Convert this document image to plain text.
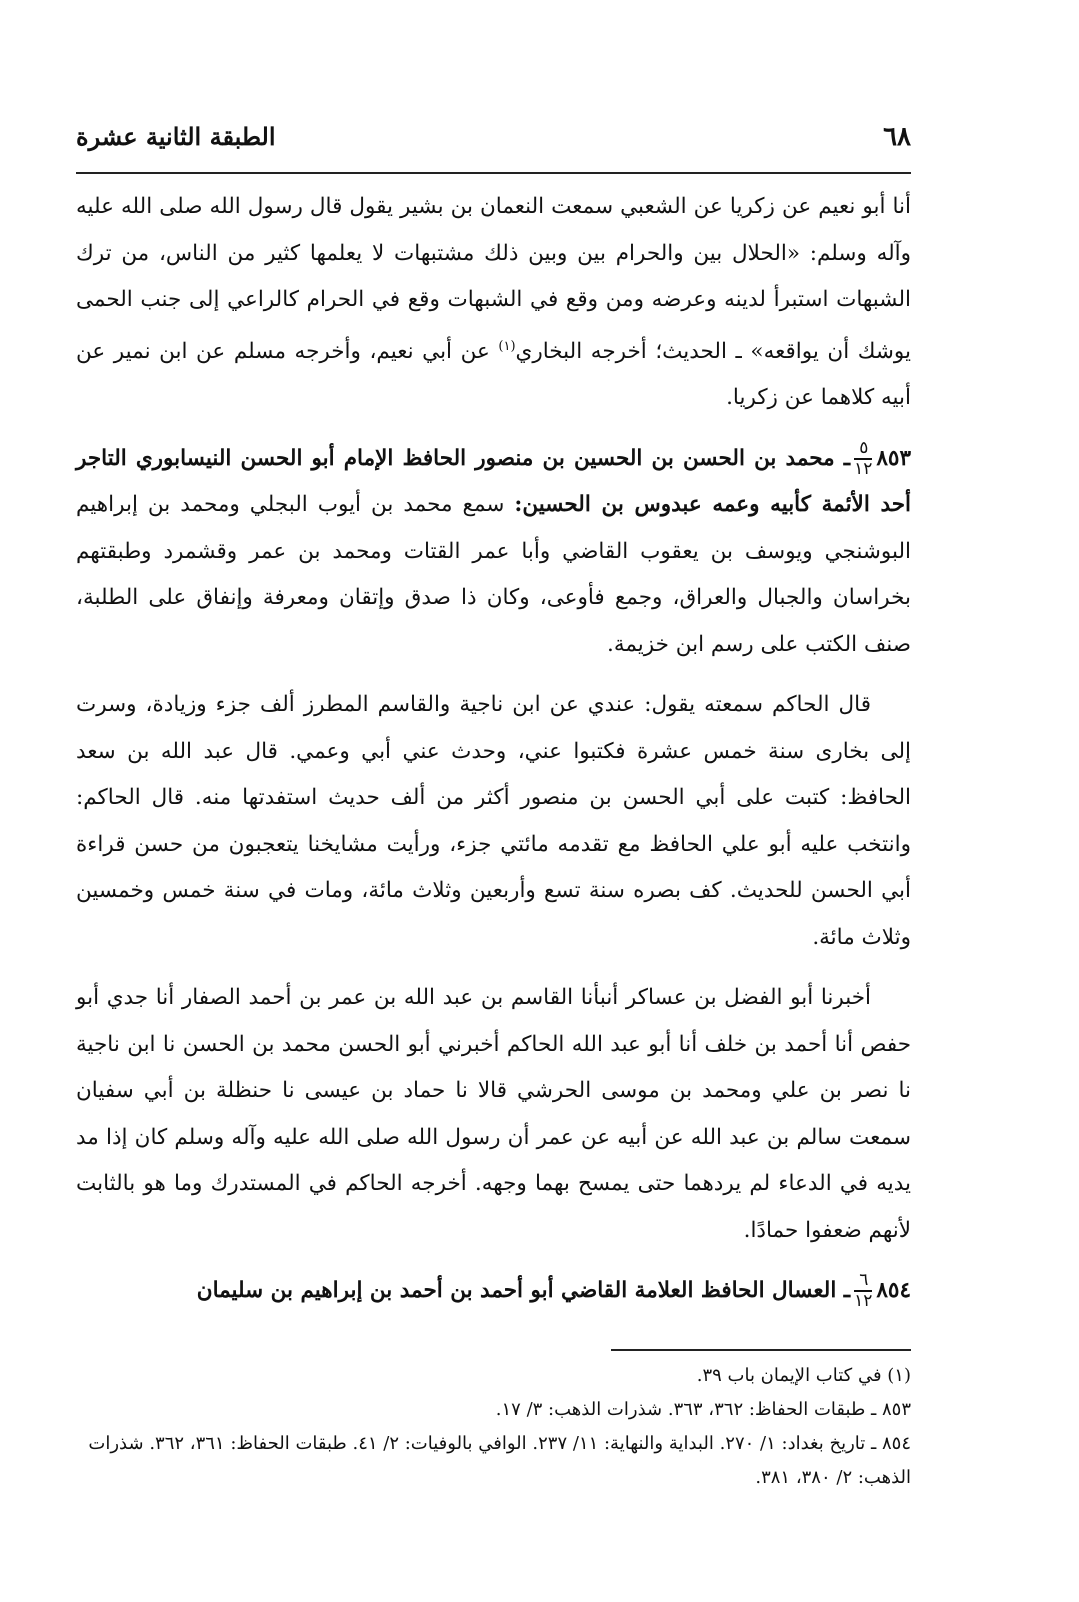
٦٨
الطبقة الثانية عشرة

أنا أبو نعيم عن زكريا عن الشعبي سمعت النعمان بن بشير يقول قال رسول الله صلى الله عليه وآله وسلم: «الحلال بين والحرام بين وبين ذلك مشتبهات لا يعلمها كثير من الناس، من ترك الشبهات استبرأ لدينه وعرضه ومن وقع في الشبهات وقع في الحرام كالراعي إلى جنب الحمى يوشك أن يواقعه» ـ الحديث؛ أخرجه البخاري$^{(١)}$ عن أبي نعيم، وأخرجه مسلم عن ابن نمير عن أبيه كلاهما عن زكريا.

٨٥٣
$\frac{٥}{١٢}$
ـ محمد بن الحسن بن الحسين بن منصور الحافظ الإمام أبو الحسن النيسابوري التاجر أحد الأئمة كأبيه وعمه عبدوس بن الحسين: سمع محمد بن أيوب البجلي ومحمد بن إبراهيم البوشنجي ويوسف بن يعقوب القاضي وأبا عمر القتات ومحمد بن عمر وقشمرد وطبقتهم بخراسان والجبال والعراق، وجمع فأوعى، وكان ذا صدق وإتقان ومعرفة وإنفاق على الطلبة، صنف الكتب على رسم ابن خزيمة.

قال الحاكم سمعته يقول: عندي عن ابن ناجية والقاسم المطرز ألف جزء وزيادة، وسرت إلى بخارى سنة خمس عشرة فكتبوا عني، وحدث عني أبي وعمي. قال عبد الله بن سعد الحافظ: كتبت على أبي الحسن بن منصور أكثر من ألف حديث استفدتها منه. قال الحاكم: وانتخب عليه أبو علي الحافظ مع تقدمه مائتي جزء، ورأيت مشايخنا يتعجبون من حسن قراءة أبي الحسن للحديث. كف بصره سنة تسع وأربعين وثلاث مائة، ومات في سنة خمس وخمسين وثلاث مائة.

أخبرنا أبو الفضل بن عساكر أنبأنا القاسم بن عبد الله بن عمر بن أحمد الصفار أنا جدي أبو حفص أنا أحمد بن خلف أنا أبو عبد الله الحاكم أخبرني أبو الحسن محمد بن الحسن نا ابن ناجية نا نصر بن علي ومحمد بن موسى الحرشي قالا نا حماد بن عيسى نا حنظلة بن أبي سفيان سمعت سالم بن عبد الله عن أبيه عن عمر أن رسول الله صلى الله عليه وآله وسلم كان إذا مد يديه في الدعاء لم يردهما حتى يمسح بهما وجهه. أخرجه الحاكم في المستدرك وما هو بالثابت لأنهم ضعفوا حمادًا.

٨٥٤
$\frac{٦}{١٢}$
ـ العسال الحافظ العلامة القاضي أبو أحمد بن أحمد بن إبراهيم بن سليمان

(١) في كتاب الإيمان باب ٣٩.

٨٥٣ ـ طبقات الحفاظ: ٣٦٢، ٣٦٣. شذرات الذهب: ٣/ ١٧.

٨٥٤ ـ تاريخ بغداد: ١/ ٢٧٠. البداية والنهاية: ١١/ ٢٣٧. الوافي بالوفيات: ٢/ ٤١. طبقات الحفاظ: ٣٦١، ٣٦٢. شذرات الذهب: ٢/ ٣٨٠، ٣٨١.
